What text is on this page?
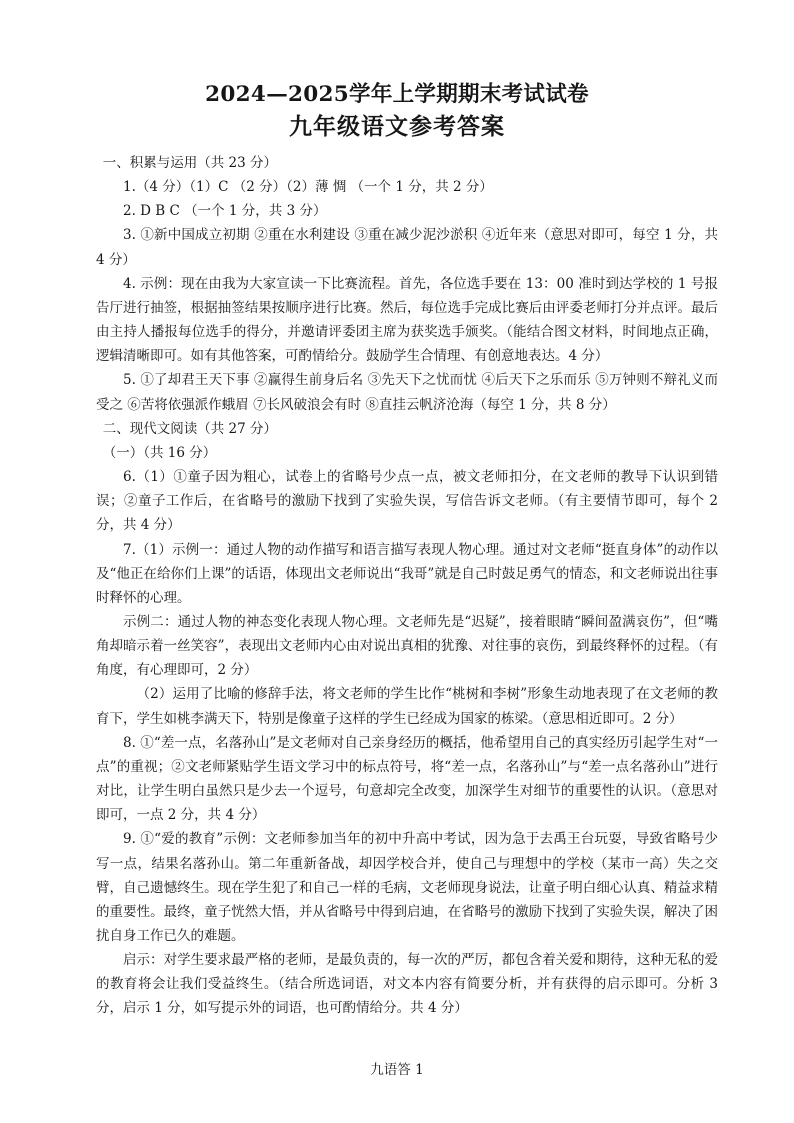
2024—2025学年上学期期末考试试卷
九年级语文参考答案

一、积累与运用（共 23 分）

1.（4 分）（1）C （2 分）（2）薄 惆 （一个 1 分，共 2 分）

2. D B C （一个 1 分，共 3 分）

3. ①新中国成立初期 ②重在水利建设 ③重在减少泥沙淤积 ④近年来（意思对即可，每空 1 分，共 4 分）

4. 示例：现在由我为大家宣读一下比赛流程。首先，各位选手要在 13：00 准时到达学校的 1 号报告厅进行抽签，根据抽签结果按顺序进行比赛。然后，每位选手完成比赛后由评委老师打分并点评。最后由主持人播报每位选手的得分，并邀请评委团主席为获奖选手颁奖。（能结合图文材料，时间地点正确，逻辑清晰即可。如有其他答案，可酌情给分。鼓励学生合情理、有创意地表达。4 分）

5. ①了却君王天下事 ②赢得生前身后名 ③先天下之忧而忧 ④后天下之乐而乐 ⑤万钟则不辩礼义而受之 ⑥苦将依强派作蛾眉 ⑦长风破浪会有时 ⑧直挂云帆济沧海（每空 1 分，共 8 分）

二、现代文阅读（共 27 分）

（一）（共 16 分）

6.（1）①童子因为粗心，试卷上的省略号少点一点，被文老师扣分，在文老师的教导下认识到错误；②童子工作后，在省略号的激励下找到了实验失误，写信告诉文老师。（有主要情节即可，每个 2 分，共 4 分）

7.（1）示例一：通过人物的动作描写和语言描写表现人物心理。通过对文老师“挺直身体”的动作以及“他正在给你们上课”的话语，体现出文老师说出“我哥”就是自己时鼓足勇气的情态，和文老师说出往事时释怀的心理。

示例二：通过人物的神态变化表现人物心理。文老师先是“迟疑”，接着眼睛“瞬间盈满哀伤”，但“嘴角却暗示着一丝笑容”，表现出文老师内心由对说出真相的犹豫、对往事的哀伤，到最终释怀的过程。（有角度，有心理即可，2 分）

（2）运用了比喻的修辞手法，将文老师的学生比作“桃树和李树”形象生动地表现了在文老师的教育下，学生如桃李满天下，特别是像童子这样的学生已经成为国家的栋梁。（意思相近即可。2 分）

8. ①“差一点，名落孙山”是文老师对自己亲身经历的概括，他希望用自己的真实经历引起学生对“一点”的重视；②文老师紧贴学生语文学习中的标点符号，将“差一点，名落孙山”与“差一点名落孙山”进行对比，让学生明白虽然只是少去一个逗号，句意却完全改变，加深学生对细节的重要性的认识。（意思对即可，一点 2 分，共 4 分）

9. ①“爱的教育”示例：文老师参加当年的初中升高中考试，因为急于去禹王台玩耍，导致省略号少写一点，结果名落孙山。第二年重新备战，却因学校合并，使自己与理想中的学校（某市一高）失之交臂，自己遗憾终生。现在学生犯了和自己一样的毛病，文老师现身说法，让童子明白细心认真、精益求精的重要性。最终，童子恍然大悟，并从省略号中得到启迪，在省略号的激励下找到了实验失误，解决了困扰自身工作已久的难题。

启示：对学生要求最严格的老师，是最负责的，每一次的严厉，都包含着关爱和期待，这种无私的爱的教育将会让我们受益终生。（结合所选词语，对文本内容有简要分析，并有获得的启示即可。分析 3 分，启示 1 分，如写提示外的词语，也可酌情给分。共 4 分）

九语答 1
